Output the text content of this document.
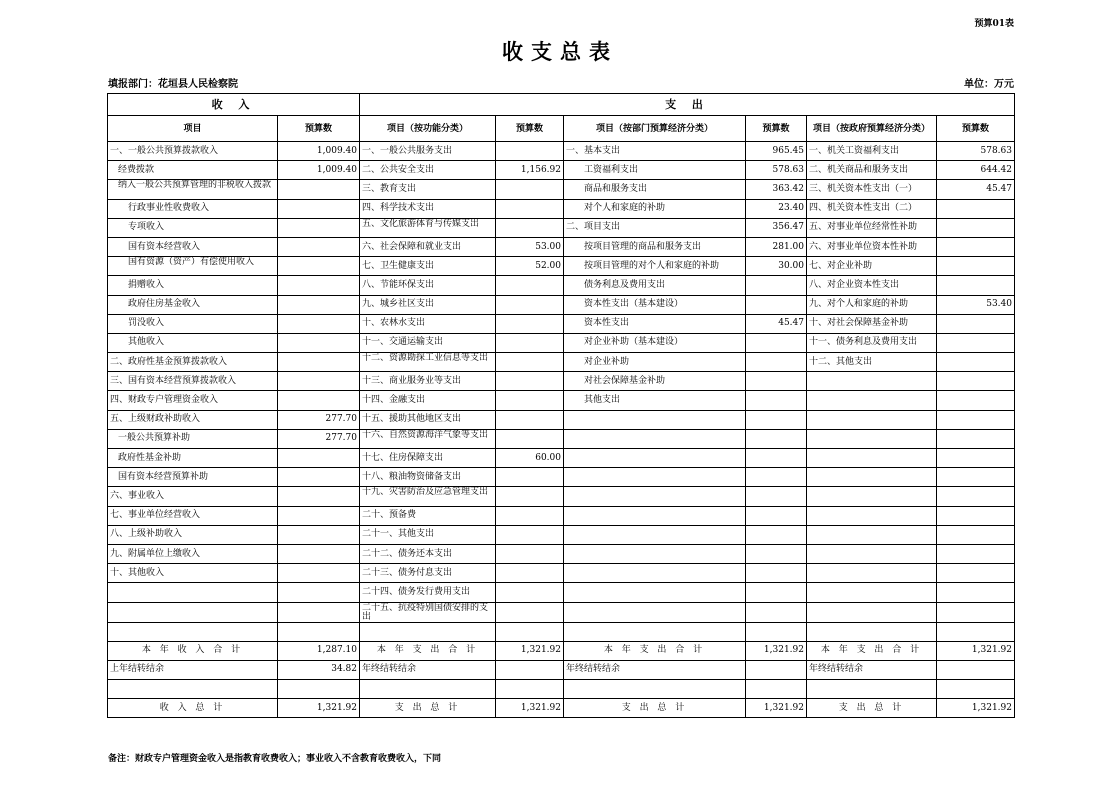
预算01表
收支总表
填报部门：花垣县人民检察院	单位：万元
收 入		支 出					
项目	预算数	项目（按功能分类）	预算数	项目（按部门预算经济分类）	预算数	项目（按政府预算经济分类）	预算数
一、一般公共预算拨款收入	1,009.40	一、一般公共服务支出		一、基本支出	965.45	一、机关工资福利支出	578.63
经费拨款	1,009.40	二、公共安全支出	1,156.92	工资福利支出	578.63	二、机关商品和服务支出	644.42
纳入一般公共预算管理的非税收入拨款		三、教育支出		商品和服务支出	363.42	三、机关资本性支出（一）	45.47
行政事业性收费收入		四、科学技术支出		对个人和家庭的补助	23.40	四、机关资本性支出（二）	
专项收入		五、文化旅游体育与传媒支出		二、项目支出	356.47	五、对事业单位经常性补助	
国有资本经营收入		六、社会保障和就业支出	53.00	按项目管理的商品和服务支出	281.00	六、对事业单位资本性补助	
国有资源（资产）有偿使用收入		七、卫生健康支出	52.00	按项目管理的对个人和家庭的补助	30.00	七、对企业补助	
捐赠收入		八、节能环保支出		债务利息及费用支出		八、对企业资本性支出	
政府住房基金收入		九、城乡社区支出		资本性支出（基本建设）		九、对个人和家庭的补助	53.40
罚没收入		十、农林水支出		资本性支出	45.47	十、对社会保障基金补助	
其他收入		十一、交通运输支出		对企业补助（基本建设）		十一、债务利息及费用支出	
二、政府性基金预算拨款收入		十二、资源勘探工业信息等支出		对企业补助		十二、其他支出	
三、国有资本经营预算拨款收入		十三、商业服务业等支出		对社会保障基金补助			
四、财政专户管理资金收入		十四、金融支出		其他支出			
五、上级财政补助收入	277.70	十五、援助其他地区支出					
一般公共预算补助	277.70	十六、自然资源海洋气象等支出					
政府性基金补助		十七、住房保障支出	60.00				
国有资本经营预算补助		十八、粮油物资储备支出					
六、事业收入		十九、灾害防治及应急管理支出					
七、事业单位经营收入		二十、预备费					
八、上级补助收入		二十一、其他支出					
九、附属单位上缴收入		二十二、债务还本支出					
十、其他收入		二十三、债务付息支出					
		二十四、债务发行费用支出					
		二十五、抗疫特别国债安排的支出					

本 年 收 入 合 计	1,287.10	本 年 支 出 合 计	1,321.92	本 年 支 出 合 计	1,321.92	本 年 支 出 合 计	1,321.92
上年结转结余	34.82	年终结转结余		年终结转结余		年终结转结余	

收 入 总 计	1,321.92	支 出 总 计	1,321.92	支 出 总 计	1,321.92	支 出 总 计	1,321.92
备注：财政专户管理资金收入是指教育收费收入；事业收入不含教育收费收入，下同
